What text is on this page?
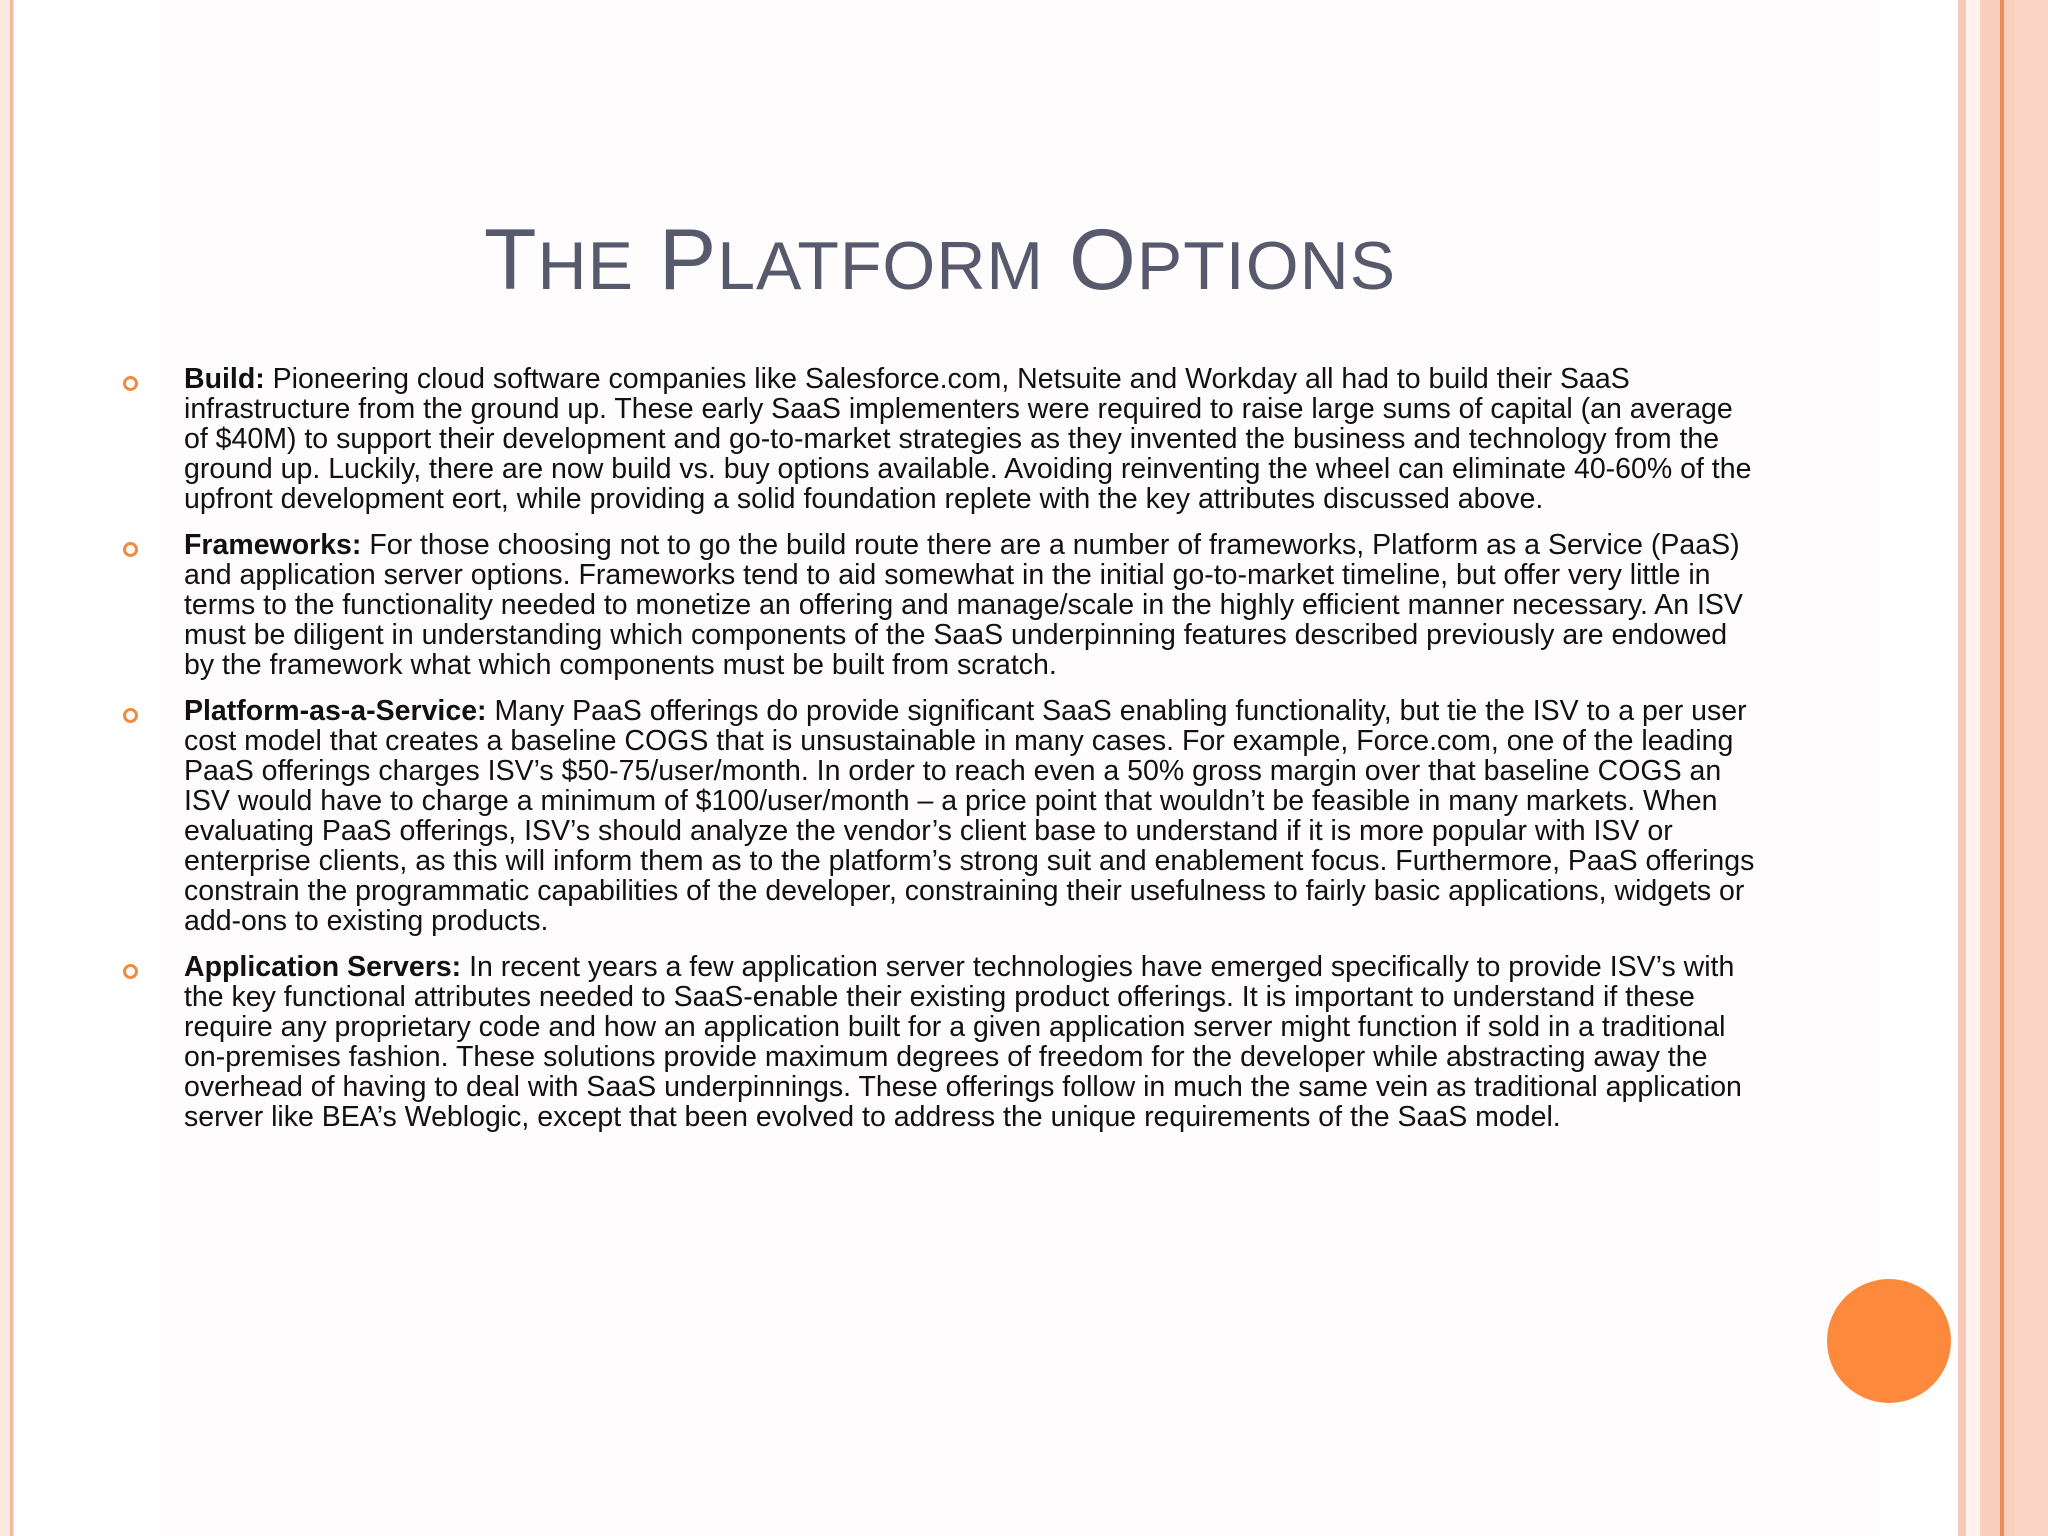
THE PLATFORM OPTIONS
Build: Pioneering cloud software companies like Salesforce.com, Netsuite and Workday all had to build their SaaS infrastructure from the ground up. These early SaaS implementers were required to raise large sums of capital (an average of $40M) to support their development and go-to-market strategies as they invented the business and technology from the ground up. Luckily, there are now build vs. buy options available. Avoiding reinventing the wheel can eliminate 40-60% of the upfront development eort, while providing a solid foundation replete with the key attributes discussed above.
Frameworks: For those choosing not to go the build route there are a number of frameworks, Platform as a Service (PaaS) and application server options. Frameworks tend to aid somewhat in the initial go-to-market timeline, but offer very little in terms to the functionality needed to monetize an offering and manage/scale in the highly efficient manner necessary. An ISV must be diligent in understanding which components of the SaaS underpinning features described previously are endowed by the framework what which components must be built from scratch.
Platform-as-a-Service: Many PaaS offerings do provide significant SaaS enabling functionality, but tie the ISV to a per user cost model that creates a baseline COGS that is unsustainable in many cases. For example, Force.com, one of the leading PaaS offerings charges ISV’s $50-75/user/month. In order to reach even a 50% gross margin over that baseline COGS an ISV would have to charge a minimum of $100/user/month – a price point that wouldn’t be feasible in many markets. When evaluating PaaS offerings, ISV’s should analyze the vendor’s client base to understand if it is more popular with ISV or enterprise clients, as this will inform them as to the platform’s strong suit and enablement focus. Furthermore, PaaS offerings constrain the programmatic capabilities of the developer, constraining their usefulness to fairly basic applications, widgets or add-ons to existing products.
Application Servers: In recent years a few application server technologies have emerged specifically to provide ISV’s with the key functional attributes needed to SaaS-enable their existing product offerings. It is important to understand if these require any proprietary code and how an application built for a given application server might function if sold in a traditional on-premises fashion. These solutions provide maximum degrees of freedom for the developer while abstracting away the overhead of having to deal with SaaS underpinnings. These offerings follow in much the same vein as traditional application server like BEA’s Weblogic, except that been evolved to address the unique requirements of the SaaS model.
